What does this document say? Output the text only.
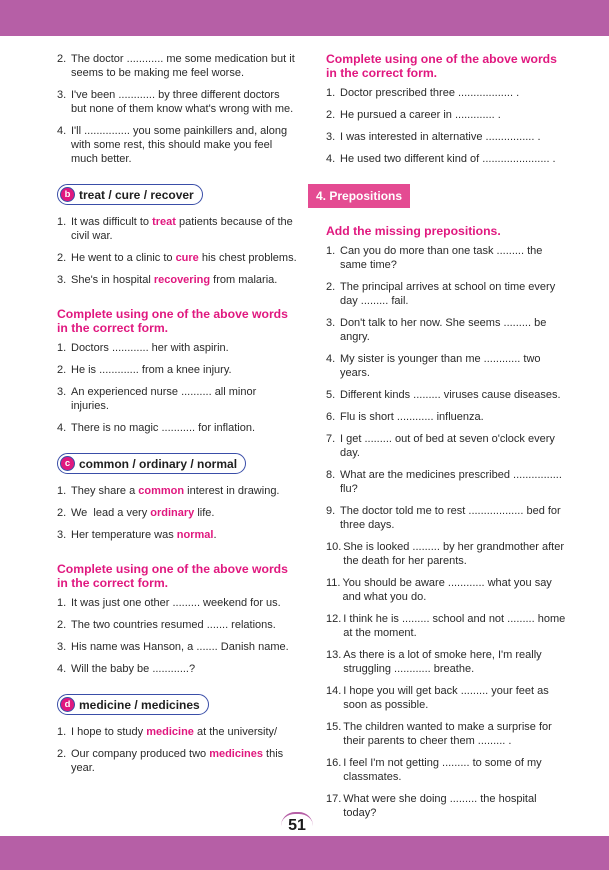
2. The doctor ............ me some medication but it seems to be making me feel worse.
3. I've been ............ by three different doctors but none of them know what's wrong with me.
4. I'll ............... you some painkillers and, along with some rest, this should make you feel much better.
b treat / cure / recover
1. It was difficult to treat patients because of the civil war.
2. He went to a clinic to cure his chest problems.
3. She's in hospital recovering from malaria.
Complete using one of the above words in the correct form.
1. Doctors ............ her with aspirin.
2. He is ............. from a knee injury.
3. An experienced nurse .......... all minor injuries.
4. There is no magic ........... for inflation.
c common / ordinary / normal
1. They share a common interest in drawing.
2. We  lead a very ordinary life.
3. Her temperature was normal.
Complete using one of the above words in the correct form.
1. It was just one other ......... weekend for us.
2. The two countries resumed ....... relations.
3. His name was Hanson, a ....... Danish name.
4. Will the baby be ............?
d medicine / medicines
1. I hope to study medicine at the university/
2. Our company produced two medicines this year.
Complete using one of the above words in the correct form.
1. Doctor prescribed three .................. .
2. He pursued a career in ............. .
3. I was interested in alternative ................ .
4. He used two different kind of ...................... .
4. Prepositions
Add the missing prepositions.
1. Can you do more than one task ......... the same time?
2. The principal arrives at school on time every day ......... fail.
3. Don't talk to her now. She seems ......... be angry.
4. My sister is younger than me ............ two years.
5. Different kinds ......... viruses cause diseases.
6. Flu is short ............ influenza.
7. I get ......... out of bed at seven o'clock every day.
8. What are the medicines prescribed ................ flu?
9. The doctor told me to rest .................. bed for three days.
10. She is looked ......... by her grandmother after the death for her parents.
11. You should be aware ............ what you say and what you do.
12. I think he is ......... school and not ......... home at the moment.
13. As there is a lot of smoke here, I'm really struggling ............ breathe.
14. I hope you will get back ......... your feet as soon as possible.
15. The children wanted to make a surprise for their parents to cheer them ......... .
16. I feel I'm not getting ......... to some of my classmates.
17. What were she doing ......... the hospital today?
51
